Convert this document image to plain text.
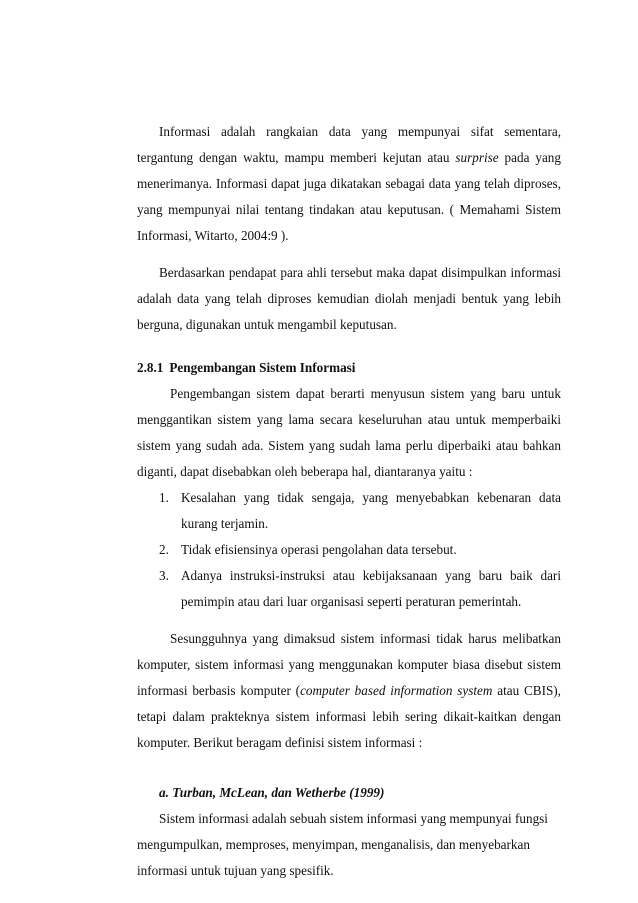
Informasi adalah rangkaian data yang mempunyai sifat sementara, tergantung dengan waktu, mampu memberi kejutan atau surprise pada yang menerimanya. Informasi dapat juga dikatakan sebagai data yang telah diproses, yang mempunyai nilai tentang tindakan atau keputusan. ( Memahami Sistem Informasi, Witarto, 2004:9 ).

Berdasarkan pendapat para ahli tersebut maka dapat disimpulkan informasi adalah data yang telah diproses kemudian diolah menjadi bentuk yang lebih berguna, digunakan untuk mengambil keputusan.

2.8.1 Pengembangan Sistem Informasi

Pengembangan sistem dapat berarti menyusun sistem yang baru untuk menggantikan sistem yang lama secara keseluruhan atau untuk memperbaiki sistem yang sudah ada. Sistem yang sudah lama perlu diperbaiki atau bahkan diganti, dapat disebabkan oleh beberapa hal, diantaranya yaitu :

1. Kesalahan yang tidak sengaja, yang menyebabkan kebenaran data kurang terjamin.
2. Tidak efisiensinya operasi pengolahan data tersebut.
3. Adanya instruksi-instruksi atau kebijaksanaan yang baru baik dari pemimpin atau dari luar organisasi seperti peraturan pemerintah.

Sesungguhnya yang dimaksud sistem informasi tidak harus melibatkan komputer, sistem informasi yang menggunakan komputer biasa disebut sistem informasi berbasis komputer (computer based information system atau CBIS), tetapi dalam prakteknya sistem informasi lebih sering dikait-kaitkan dengan komputer. Berikut beragam definisi sistem informasi :

a. Turban, McLean, dan Wetherbe (1999)

Sistem informasi adalah sebuah sistem informasi yang mempunyai fungsi mengumpulkan, memproses, menyimpan, menganalisis, dan menyebarkan informasi untuk tujuan yang spesifik.
